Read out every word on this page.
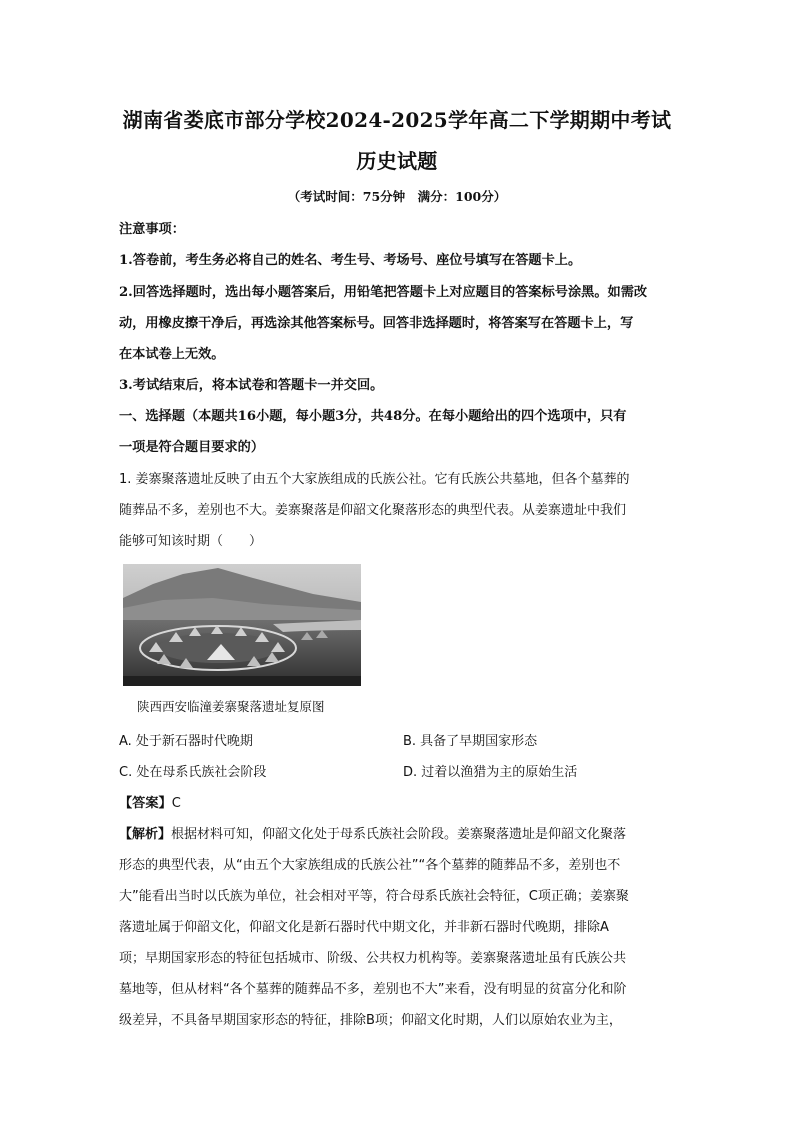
湖南省娄底市部分学校2024-2025学年高二下学期期中考试
历史试题
（考试时间：75分钟　满分：100分）
注意事项：
1.答卷前，考生务必将自己的姓名、考生号、考场号、座位号填写在答题卡上。
2.回答选择题时，选出每小题答案后，用铅笔把答题卡上对应题目的答案标号涂黑。如需改
动，用橡皮擦干净后，再选涂其他答案标号。回答非选择题时，将答案写在答题卡上，写
在本试卷上无效。
3.考试结束后，将本试卷和答题卡一并交回。
一、选择题（本题共16小题，每小题3分，共48分。在每小题给出的四个选项中，只有
一项是符合题目要求的）
1. 姜寨聚落遗址反映了由五个大家族组成的氏族公社。它有氏族公共墓地，但各个墓葬的
随葬品不多，差别也不大。姜寨聚落是仰韶文化聚落形态的典型代表。从姜寨遗址中我们
能够可知该时期（　　）
陕西西安临潼姜寨聚落遗址复原图
A. 处于新石器时代晚期	B. 具备了早期国家形态
C. 处在母系氏族社会阶段	D. 过着以渔猎为主的原始生活
【答案】C
【解析】根据材料可知，仰韶文化处于母系氏族社会阶段。姜寨聚落遗址是仰韶文化聚落
形态的典型代表，从“由五个大家族组成的氏族公社”“各个墓葬的随葬品不多，差别也不
大”能看出当时以氏族为单位，社会相对平等，符合母系氏族社会特征，C项正确；姜寨聚
落遗址属于仰韶文化，仰韶文化是新石器时代中期文化，并非新石器时代晚期，排除A
项；早期国家形态的特征包括城市、阶级、公共权力机构等。姜寨聚落遗址虽有氏族公共
墓地等，但从材料“各个墓葬的随葬品不多，差别也不大”来看，没有明显的贫富分化和阶
级差异，不具备早期国家形态的特征，排除B项；仰韶文化时期，人们以原始农业为主，
